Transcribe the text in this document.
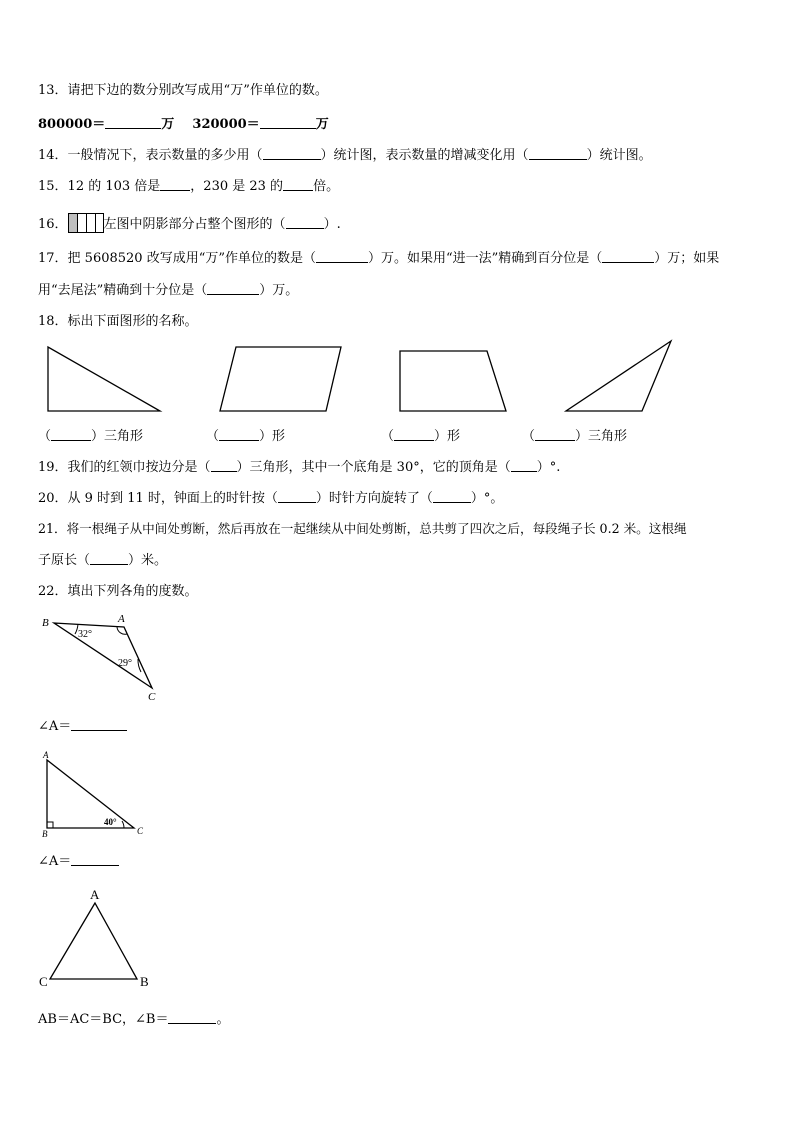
13．请把下边的数分别改写成用“万”作单位的数。
800000＝	万 320000＝	万
14．一般情况下，表示数量的多少用（	）统计图，表示数量的增减变化用（	）统计图。
15．12 的 103 倍是 ，230 是 23 的 倍。
16．	左图中阴影部分占整个图形的（	）.
17．把 5608520 改写成用“万”作单位的数是（	）万。如果用“进一法”精确到百分位是（	）万；如果
用“去尾法”精确到十分位是（	）万。
18．标出下面图形的名称。
（	）三角形	（	）形	（	）形	（	）三角形
19．我们的红领巾按边分是（ ）三角形，其中一个底角是 30°，它的顶角是（ ）°.
20．从 9 时到 11 时，钟面上的时针按（	）时针方向旋转了（	）°。
21．将一根绳子从中间处剪断，然后再放在一起继续从中间处剪断，总共剪了四次之后，每段绳子长 0.2 米。这根绳
子原长（	）米。
22．填出下列各角的度数。
B	A
C
32°
29°
∠A＝
A
B	C
40°
∠A＝
A
C	B
AB＝AC＝BC，∠B＝	。
